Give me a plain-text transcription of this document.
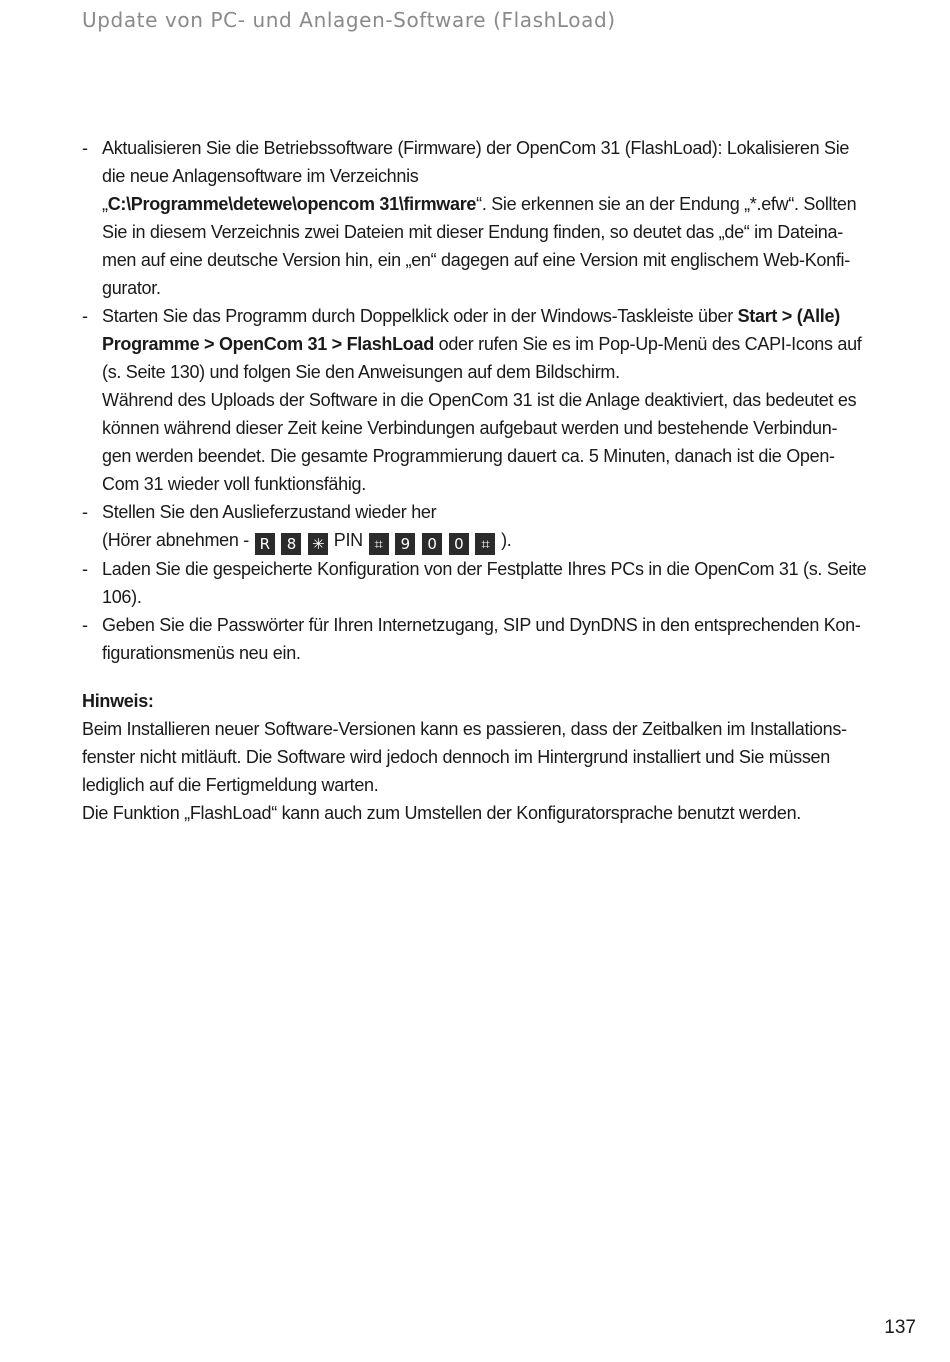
Update von PC- und Anlagen-Software (FlashLoad)
- Aktualisieren Sie die Betriebssoftware (Firmware) der OpenCom 31 (FlashLoad): Lokalisieren Sie
die neue Anlagensoftware im Verzeichnis
„C:\Programme\detewe\opencom 31\firmware“. Sie erkennen sie an der Endung „*.efw“. Sollten
Sie in diesem Verzeichnis zwei Dateien mit dieser Endung finden, so deutet das „de“ im Dateina-
men auf eine deutsche Version hin, ein „en“ dagegen auf eine Version mit englischem Web-Konfi-
gurator.
- Starten Sie das Programm durch Doppelklick oder in der Windows-Taskleiste über Start > (Alle)
Programme > OpenCom 31 > FlashLoad oder rufen Sie es im Pop-Up-Menü des CAPI-Icons auf
(s. Seite 130) und folgen Sie den Anweisungen auf dem Bildschirm.
Während des Uploads der Software in die OpenCom 31 ist die Anlage deaktiviert, das bedeutet es
können während dieser Zeit keine Verbindungen aufgebaut werden und bestehende Verbindun-
gen werden beendet. Die gesamte Programmierung dauert ca. 5 Minuten, danach ist die Open-
Com 31 wieder voll funktionsfähig.
- Stellen Sie den Auslieferzustand wieder her
(Hörer abnehmen - R 8 ✳ PIN ⌗ 9 0 0 ⌗ ).
- Laden Sie die gespeicherte Konfiguration von der Festplatte Ihres PCs in die OpenCom 31 (s. Seite
106).
- Geben Sie die Passwörter für Ihren Internetzugang, SIP und DynDNS in den entsprechenden Kon-
figurationsmenüs neu ein.
Hinweis:
Beim Installieren neuer Software-Versionen kann es passieren, dass der Zeitbalken im Installations-
fenster nicht mitläuft. Die Software wird jedoch dennoch im Hintergrund installiert und Sie müssen
lediglich auf die Fertigmeldung warten.
Die Funktion „FlashLoad“ kann auch zum Umstellen der Konfiguratorsprache benutzt werden.
137
